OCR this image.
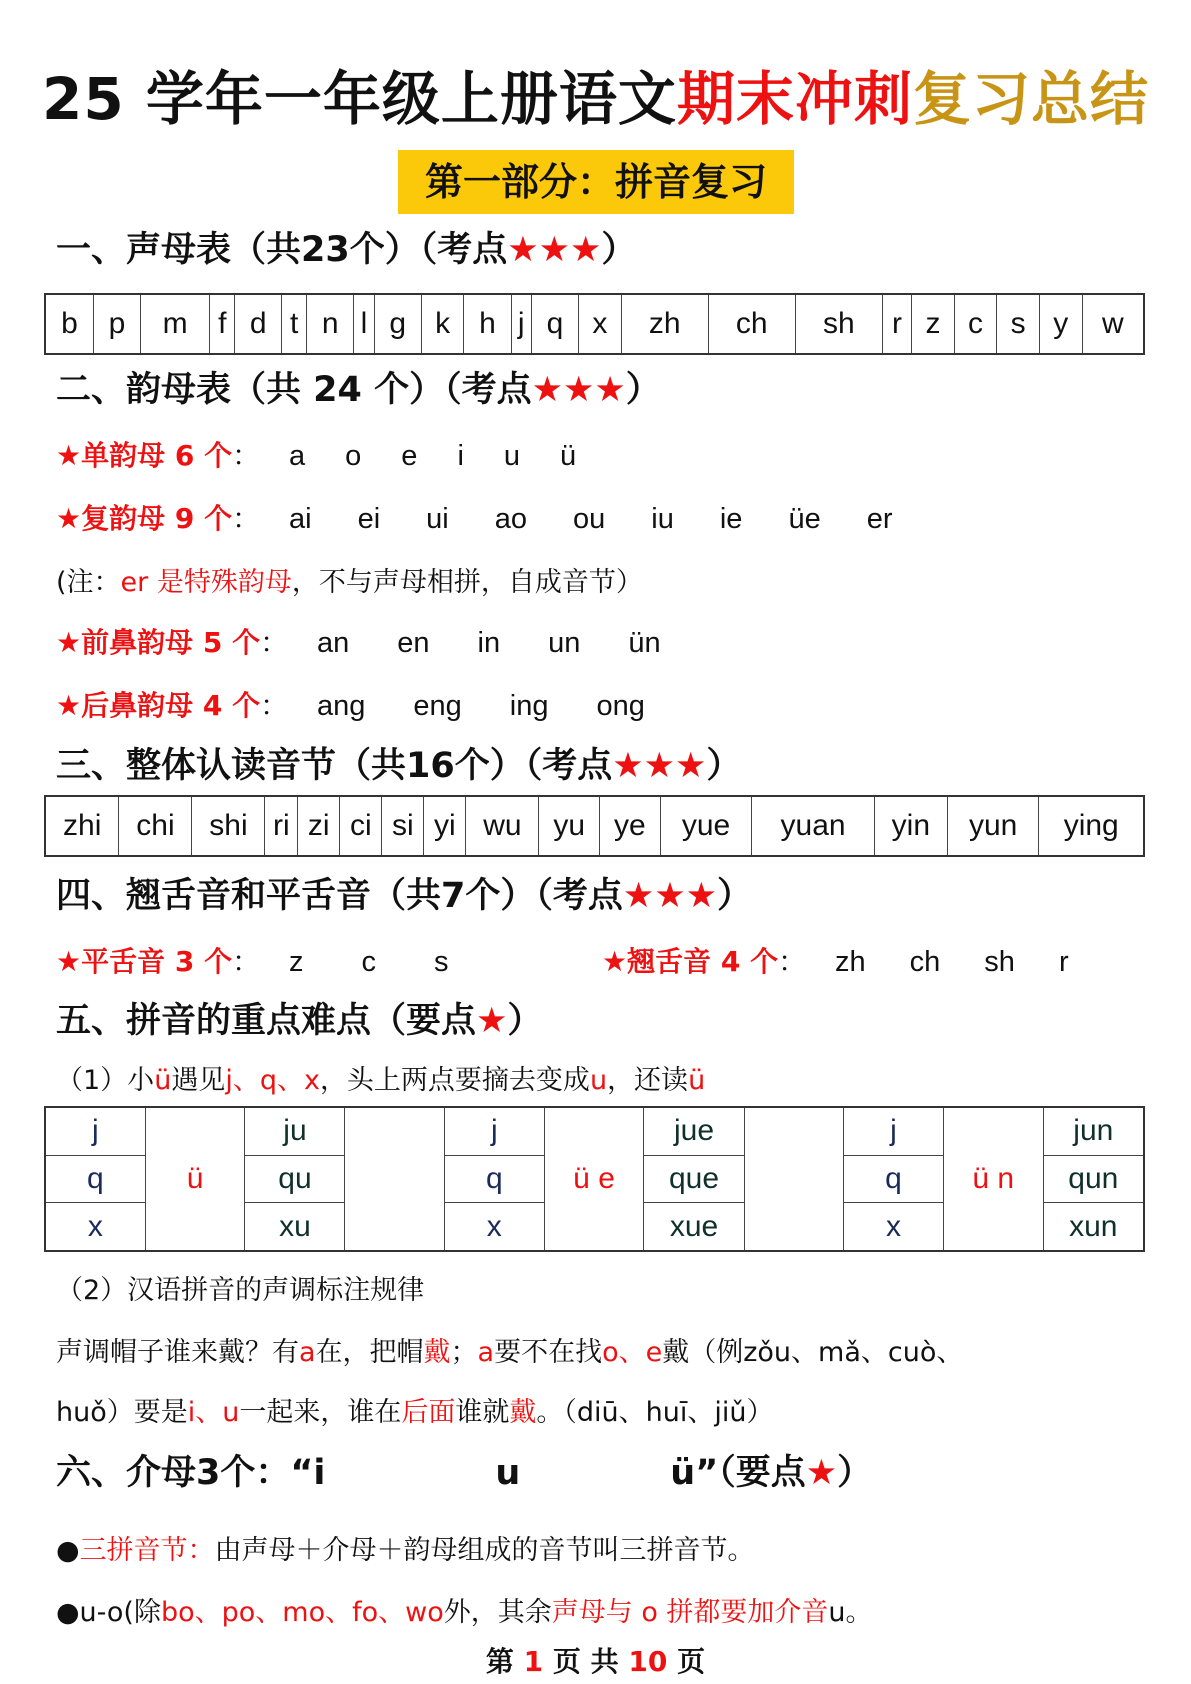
25 学年一年级上册语文期末冲刺复习总结
第一部分：拼音复习
一、声母表（共23个）（考点★★★）
b	p	m	f	d	t	n	l	g	k	h	j	q	x	zh	ch	sh	r	z	c	s	y	w
二、韵母表（共 24 个）（考点★★★）
★单韵母 6 个： a o e i u ü
★复韵母 9 个： ai ei ui ao ou iu ie üe er
(注：er 是特殊韵母，不与声母相拼，自成音节）
★前鼻韵母 5 个： an en in un ün
★后鼻韵母 4 个： ang eng ing ong
三、整体认读音节（共16个）（考点★★★）
zhi	chi	shi	ri	zi	ci	si	yi	wu	yu	ye	yue	yuan	yin	yun	ying
四、翘舌音和平舌音（共7个）（考点★★★）
★平舌音 3 个： z c s	★翘舌音 4 个： zh ch sh r
五、拼音的重点难点（要点★）
（1）小ü遇见j、q、x，头上两点要摘去变成u，还读ü
j	ü	ju		j	ü e	jue		j	ü n	jun
q		qu		q		que		q		qun
x		xu		x		xue		x		xun
（2）汉语拼音的声调标注规律
声调帽子谁来戴？有a在，把帽戴；a要不在找o、e戴（例zǒu、mǎ、cuò、
huǒ）要是i、u一起来，谁在后面谁就戴。（diū、huī、jiǔ）
六、介母3个：“i	u	ü”（要点★）
●三拼音节：由声母＋介母＋韵母组成的音节叫三拼音节。
●u-o(除bo、po、mo、fo、wo外，其余声母与 o 拼都要加介音u。
第 1 页 共 10 页
